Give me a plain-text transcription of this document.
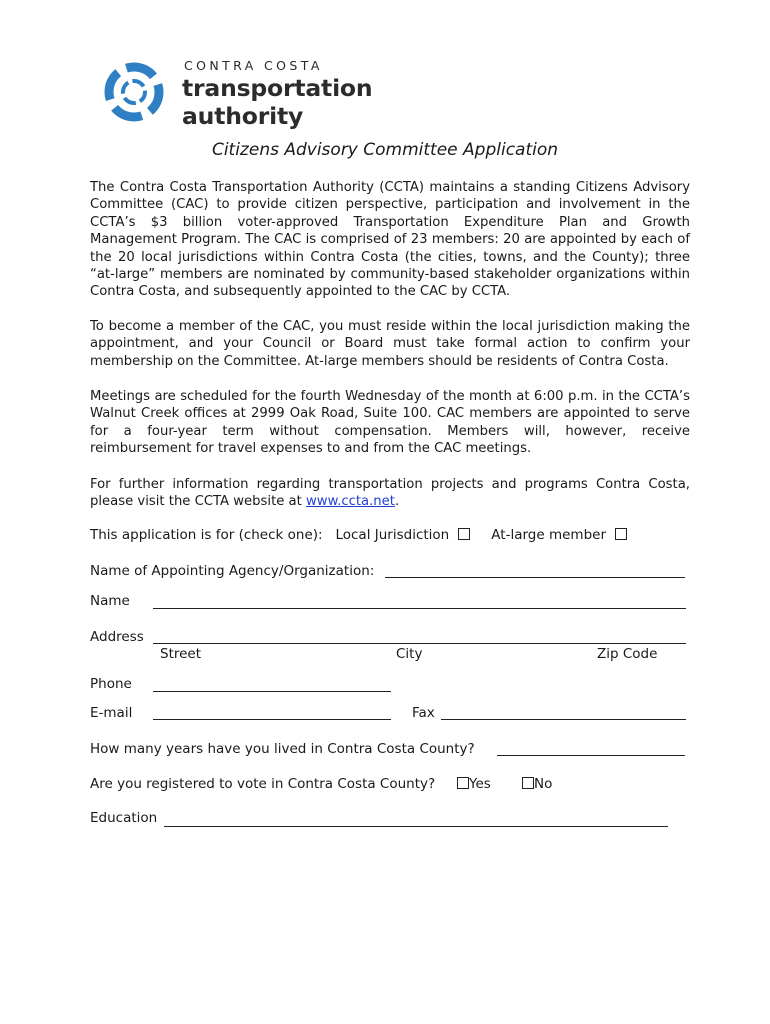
CONTRA COSTA
transportation
authority
Citizens Advisory Committee Application

The Contra Costa Transportation Authority (CCTA) maintains a standing Citizens Advisory Committee (CAC) to provide citizen perspective, participation and involvement in the CCTA’s $3 billion voter-approved Transportation Expenditure Plan and Growth Management Program. The CAC is comprised of 23 members: 20 are appointed by each of the 20 local jurisdictions within Contra Costa (the cities, towns, and the County); three “at-large” members are nominated by community-based stakeholder organizations within Contra Costa, and subsequently appointed to the CAC by CCTA.

To become a member of the CAC, you must reside within the local jurisdiction making the appointment, and your Council or Board must take formal action to confirm your membership on the Committee. At-large members should be residents of Contra Costa.

Meetings are scheduled for the fourth Wednesday of the month at 6:00 p.m. in the CCTA’s Walnut Creek offices at 2999 Oak Road, Suite 100. CAC members are appointed to serve for a four-year term without compensation. Members will, however, receive reimbursement for travel expenses to and from the CAC meetings.

For further information regarding transportation projects and programs Contra Costa, please visit the CCTA website at www.ccta.net.

This application is for (check one): Local Jurisdiction	At-large member
Name of Appointing Agency/Organization:
Name
Address
Street	City	Zip Code
Phone
E-mail	Fax
How many years have you lived in Contra Costa County?
Are you registered to vote in Contra Costa County?	Yes	No
Education
